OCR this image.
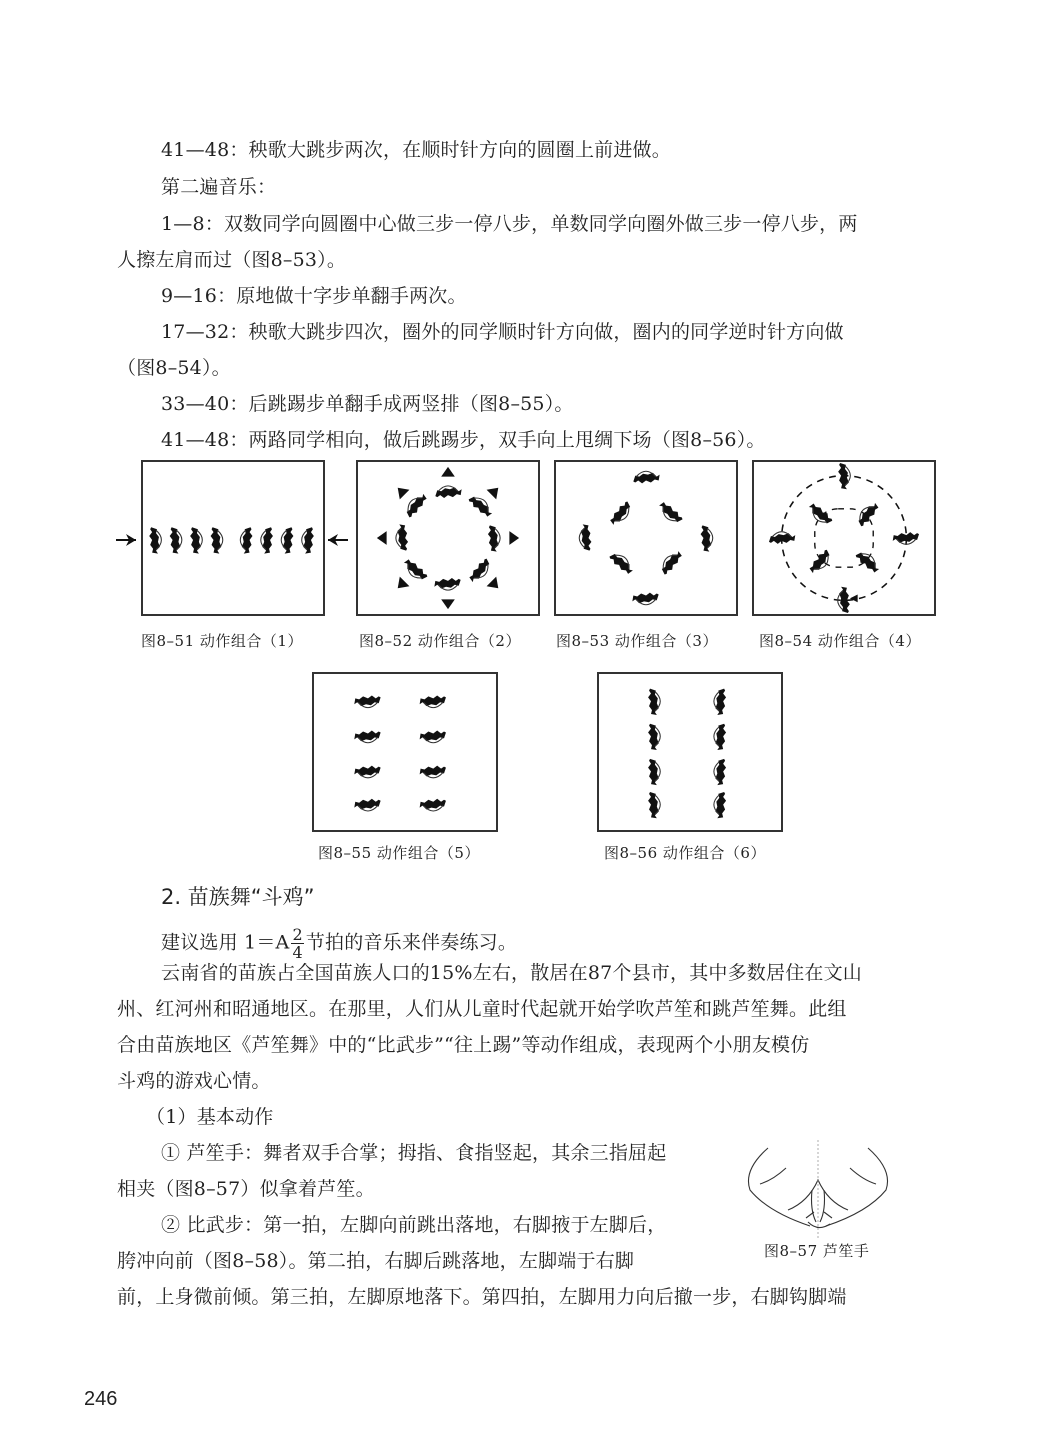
41—48：秧歌大跳步两次，在顺时针方向的圆圈上前进做。
第二遍音乐：
1—8：双数同学向圆圈中心做三步一停八步，单数同学向圈外做三步一停八步，两
人擦左肩而过（图8–53）。
9—16：原地做十字步单翻手两次。
17—32：秧歌大跳步四次，圈外的同学顺时针方向做，圈内的同学逆时针方向做
（图8–54）。
33—40：后跳踢步单翻手成两竖排（图8–55）。
41—48：两路同学相向，做后跳踢步，双手向上甩绸下场（图8–56）。
图8–51 动作组合（1）	图8–52 动作组合（2） 图8–53 动作组合（3）	图8–54 动作组合（4）
图8–55 动作组合（5）	图8–56 动作组合（6）
2. 苗族舞“斗鸡”
建议选用 $1=A \frac{2}{4}$ 节拍的音乐来伴奏练习。
云南省的苗族占全国苗族人口的15%左右，散居在87个县市，其中多数居住在文山
州、红河州和昭通地区。在那里，人们从儿童时代起就开始学吹芦笙和跳芦笙舞。此组
合由苗族地区《芦笙舞》中的“比武步”“往上踢”等动作组成，表现两个小朋友模仿
斗鸡的游戏心情。
（1）基本动作
① 芦笙手：舞者双手合掌；拇指、食指竖起，其余三指屈起
相夹（图8–57）似拿着芦笙。
② 比武步：第一拍，左脚向前跳出落地，右脚掖于左脚后，
胯冲向前（图8–58）。第二拍，右脚后跳落地，左脚端于右脚
前，上身微前倾。第三拍，左脚原地落下。第四拍，左脚用力向后撤一步，右脚钩脚端
图8–57 芦笙手
246
